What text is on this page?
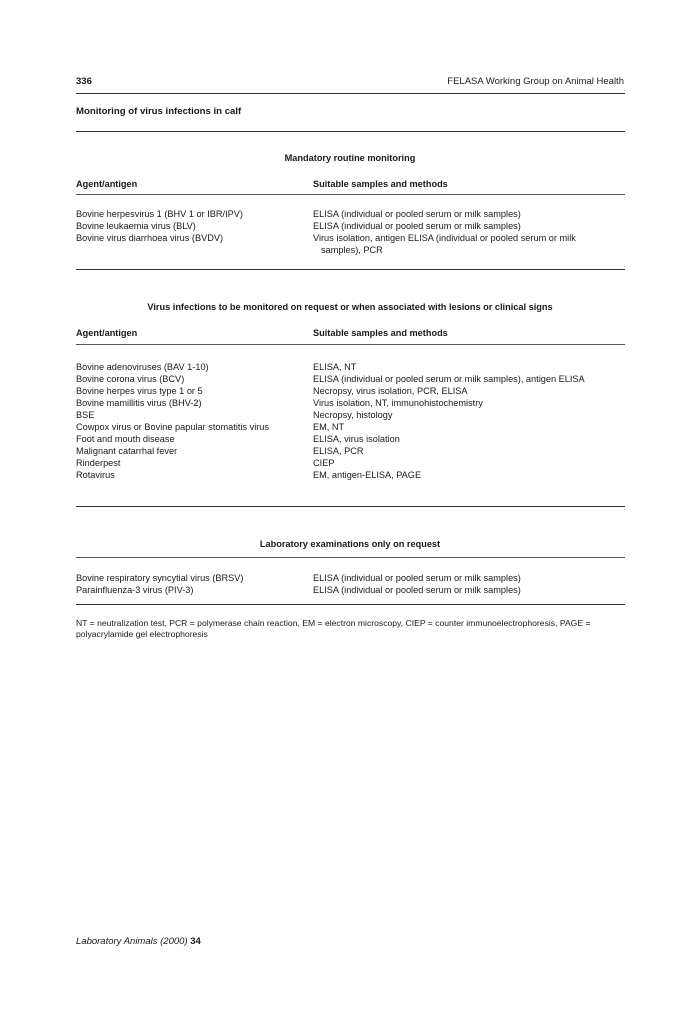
336	FELASA Working Group on Animal Health
Monitoring of virus infections in calf
Mandatory routine monitoring
Agent/antigen	Suitable samples and methods
Bovine herpesvirus 1 (BHV 1 or IBR/IPV)	ELISA (individual or pooled serum or milk samples)
Bovine leukaemia virus (BLV)	ELISA (individual or pooled serum or milk samples)
Bovine virus diarrhoea virus (BVDV)	Virus isolation, antigen ELISA (individual or pooled serum or milk
samples), PCR
Virus infections to be monitored on request or when associated with lesions or clinical signs
Agent/antigen	Suitable samples and methods
Bovine adenoviruses (BAV 1-10)	ELISA, NT
Bovine corona virus (BCV)	ELISA (individual or pooled serum or milk samples), antigen ELISA
Bovine herpes virus type 1 or 5	Necropsy, virus isolation, PCR, ELISA
Bovine mamillitis virus (BHV-2)	Virus isolation, NT, immunohistochemistry
BSE	Necropsy, histology
Cowpox virus or Bovine papular stomatitis virus	EM, NT
Foot and mouth disease	ELISA, virus isolation
Malignant catarrhal fever	ELISA, PCR
Rinderpest	CIEP
Rotavirus	EM, antigen-ELISA, PAGE
Laboratory examinations only on request
Bovine respiratory syncytial virus (BRSV)	ELISA (individual or pooled serum or milk samples)
Parainfluenza-3 virus (PIV-3)	ELISA (individual or pooled serum or milk samples)
NT = neutralization test, PCR = polymerase chain reaction, EM = electron microscopy, CIEP = counter immunoelectrophoresis, PAGE = polyacrylamide gel electrophoresis
Laboratory Animals (2000) 34
